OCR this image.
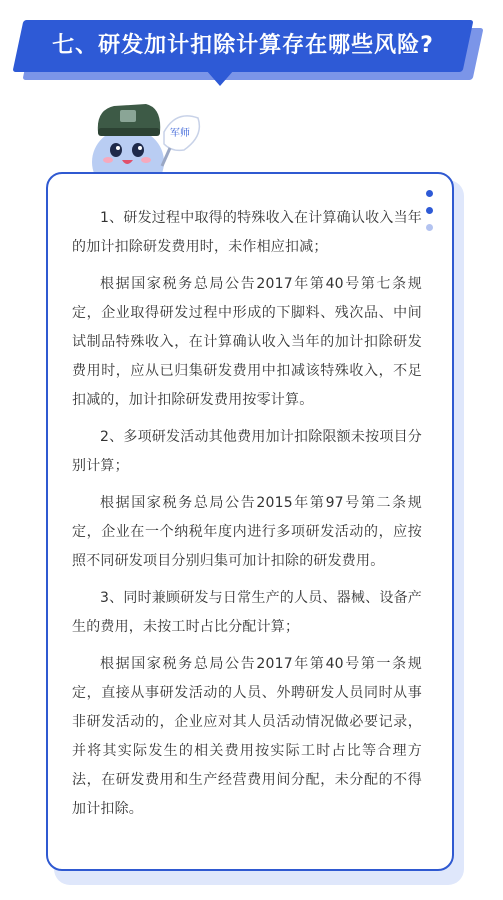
七、研发加计扣除计算存在哪些风险?
军师

1、研发过程中取得的特殊收入在计算确认收入当年的加计扣除研发费用时，未作相应扣减；

根据国家税务总局公告2017年第40号第七条规定，企业取得研发过程中形成的下脚料、残次品、中间试制品特殊收入，在计算确认收入当年的加计扣除研发费用时，应从已归集研发费用中扣减该特殊收入，不足扣减的，加计扣除研发费用按零计算。

2、多项研发活动其他费用加计扣除限额未按项目分别计算；

根据国家税务总局公告2015年第97号第二条规定，企业在一个纳税年度内进行多项研发活动的，应按照不同研发项目分别归集可加计扣除的研发费用。

3、同时兼顾研发与日常生产的人员、器械、设备产生的费用，未按工时占比分配计算；

根据国家税务总局公告2017年第40号第一条规定，直接从事研发活动的人员、外聘研发人员同时从事非研发活动的，企业应对其人员活动情况做必要记录，并将其实际发生的相关费用按实际工时占比等合理方法，在研发费用和生产经营费用间分配，未分配的不得加计扣除。
